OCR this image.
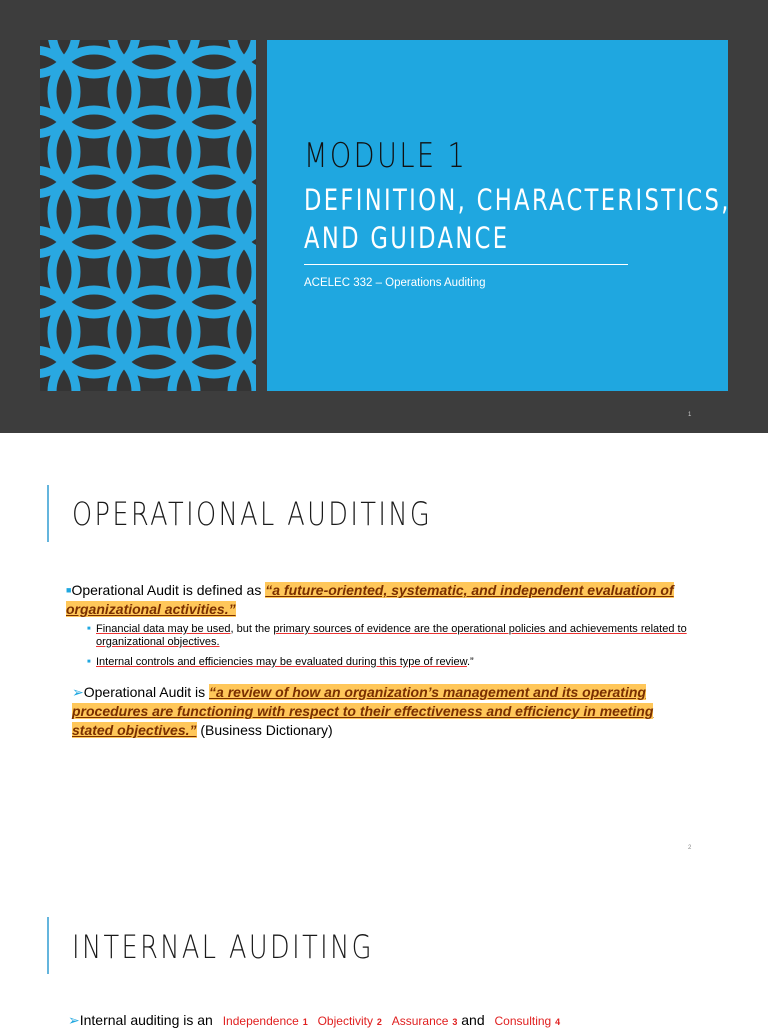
MODULE 1
DEFINITION, CHARACTERISTICS,
AND GUIDANCE
ACELEC 332 – Operations Auditing
1
OPERATIONAL AUDITING
■Operational Audit is defined as “a future-oriented, systematic, and independent evaluation of organizational activities.”
■ Financial data may be used, but the primary sources of evidence are the operational policies and achievements related to organizational objectives.
■ Internal controls and efficiencies may be evaluated during this type of review.”
➢Operational Audit is “a review of how an organization’s management and its operating procedures are functioning with respect to their effectiveness and efficiency in meeting stated objectives.” (Business Dictionary)
2
INTERNAL AUDITING
➢Internal auditing is an Independence 1 Objectivity 2 Assurance 3 and Consulting 4
